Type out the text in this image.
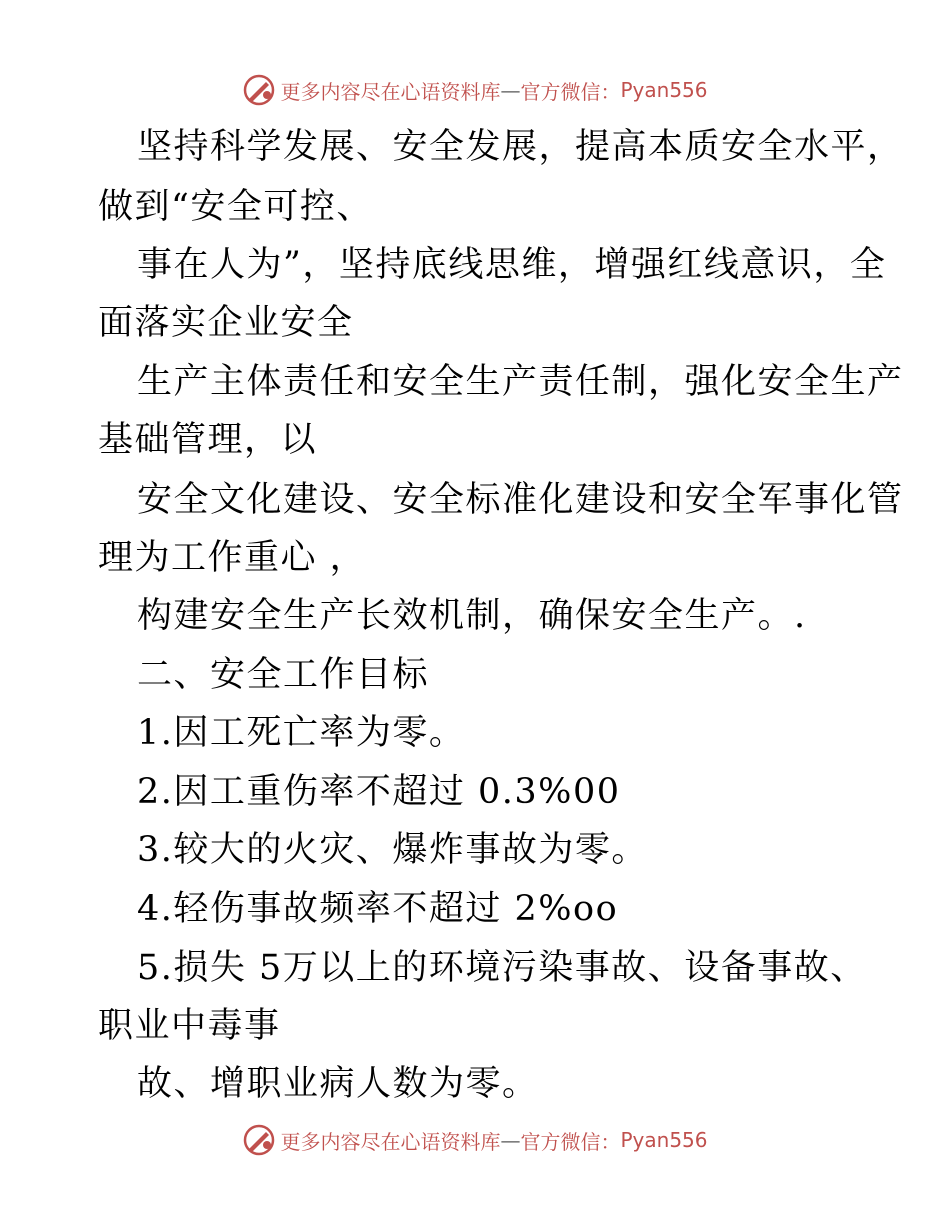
更多内容尽在心语资料库 — 官方微信： Pyan556
坚持科学发展、安全发展，提高本质安全水平，
做到“安全可控、
事在人为”，坚持底线思维，增强红线意识，全
面落实企业安全
生产主体责任和安全生产责任制，强化安全生产
基础管理，以
安全文化建设、安全标准化建设和安全军事化管
理为工作重心 ，
构建安全生产长效机制，确保安全生产。.
二、安全工作目标
1.因工死亡率为零。
2.因工重伤率不超过 0.3%00
3.较大的火灾、爆炸事故为零。
4.轻伤事故频率不超过 2%oo
5.损失 5万以上的环境污染事故、设备事故、
职业中毒事
故、增职业病人数为零。
更多内容尽在心语资料库 — 官方微信： Pyan556
